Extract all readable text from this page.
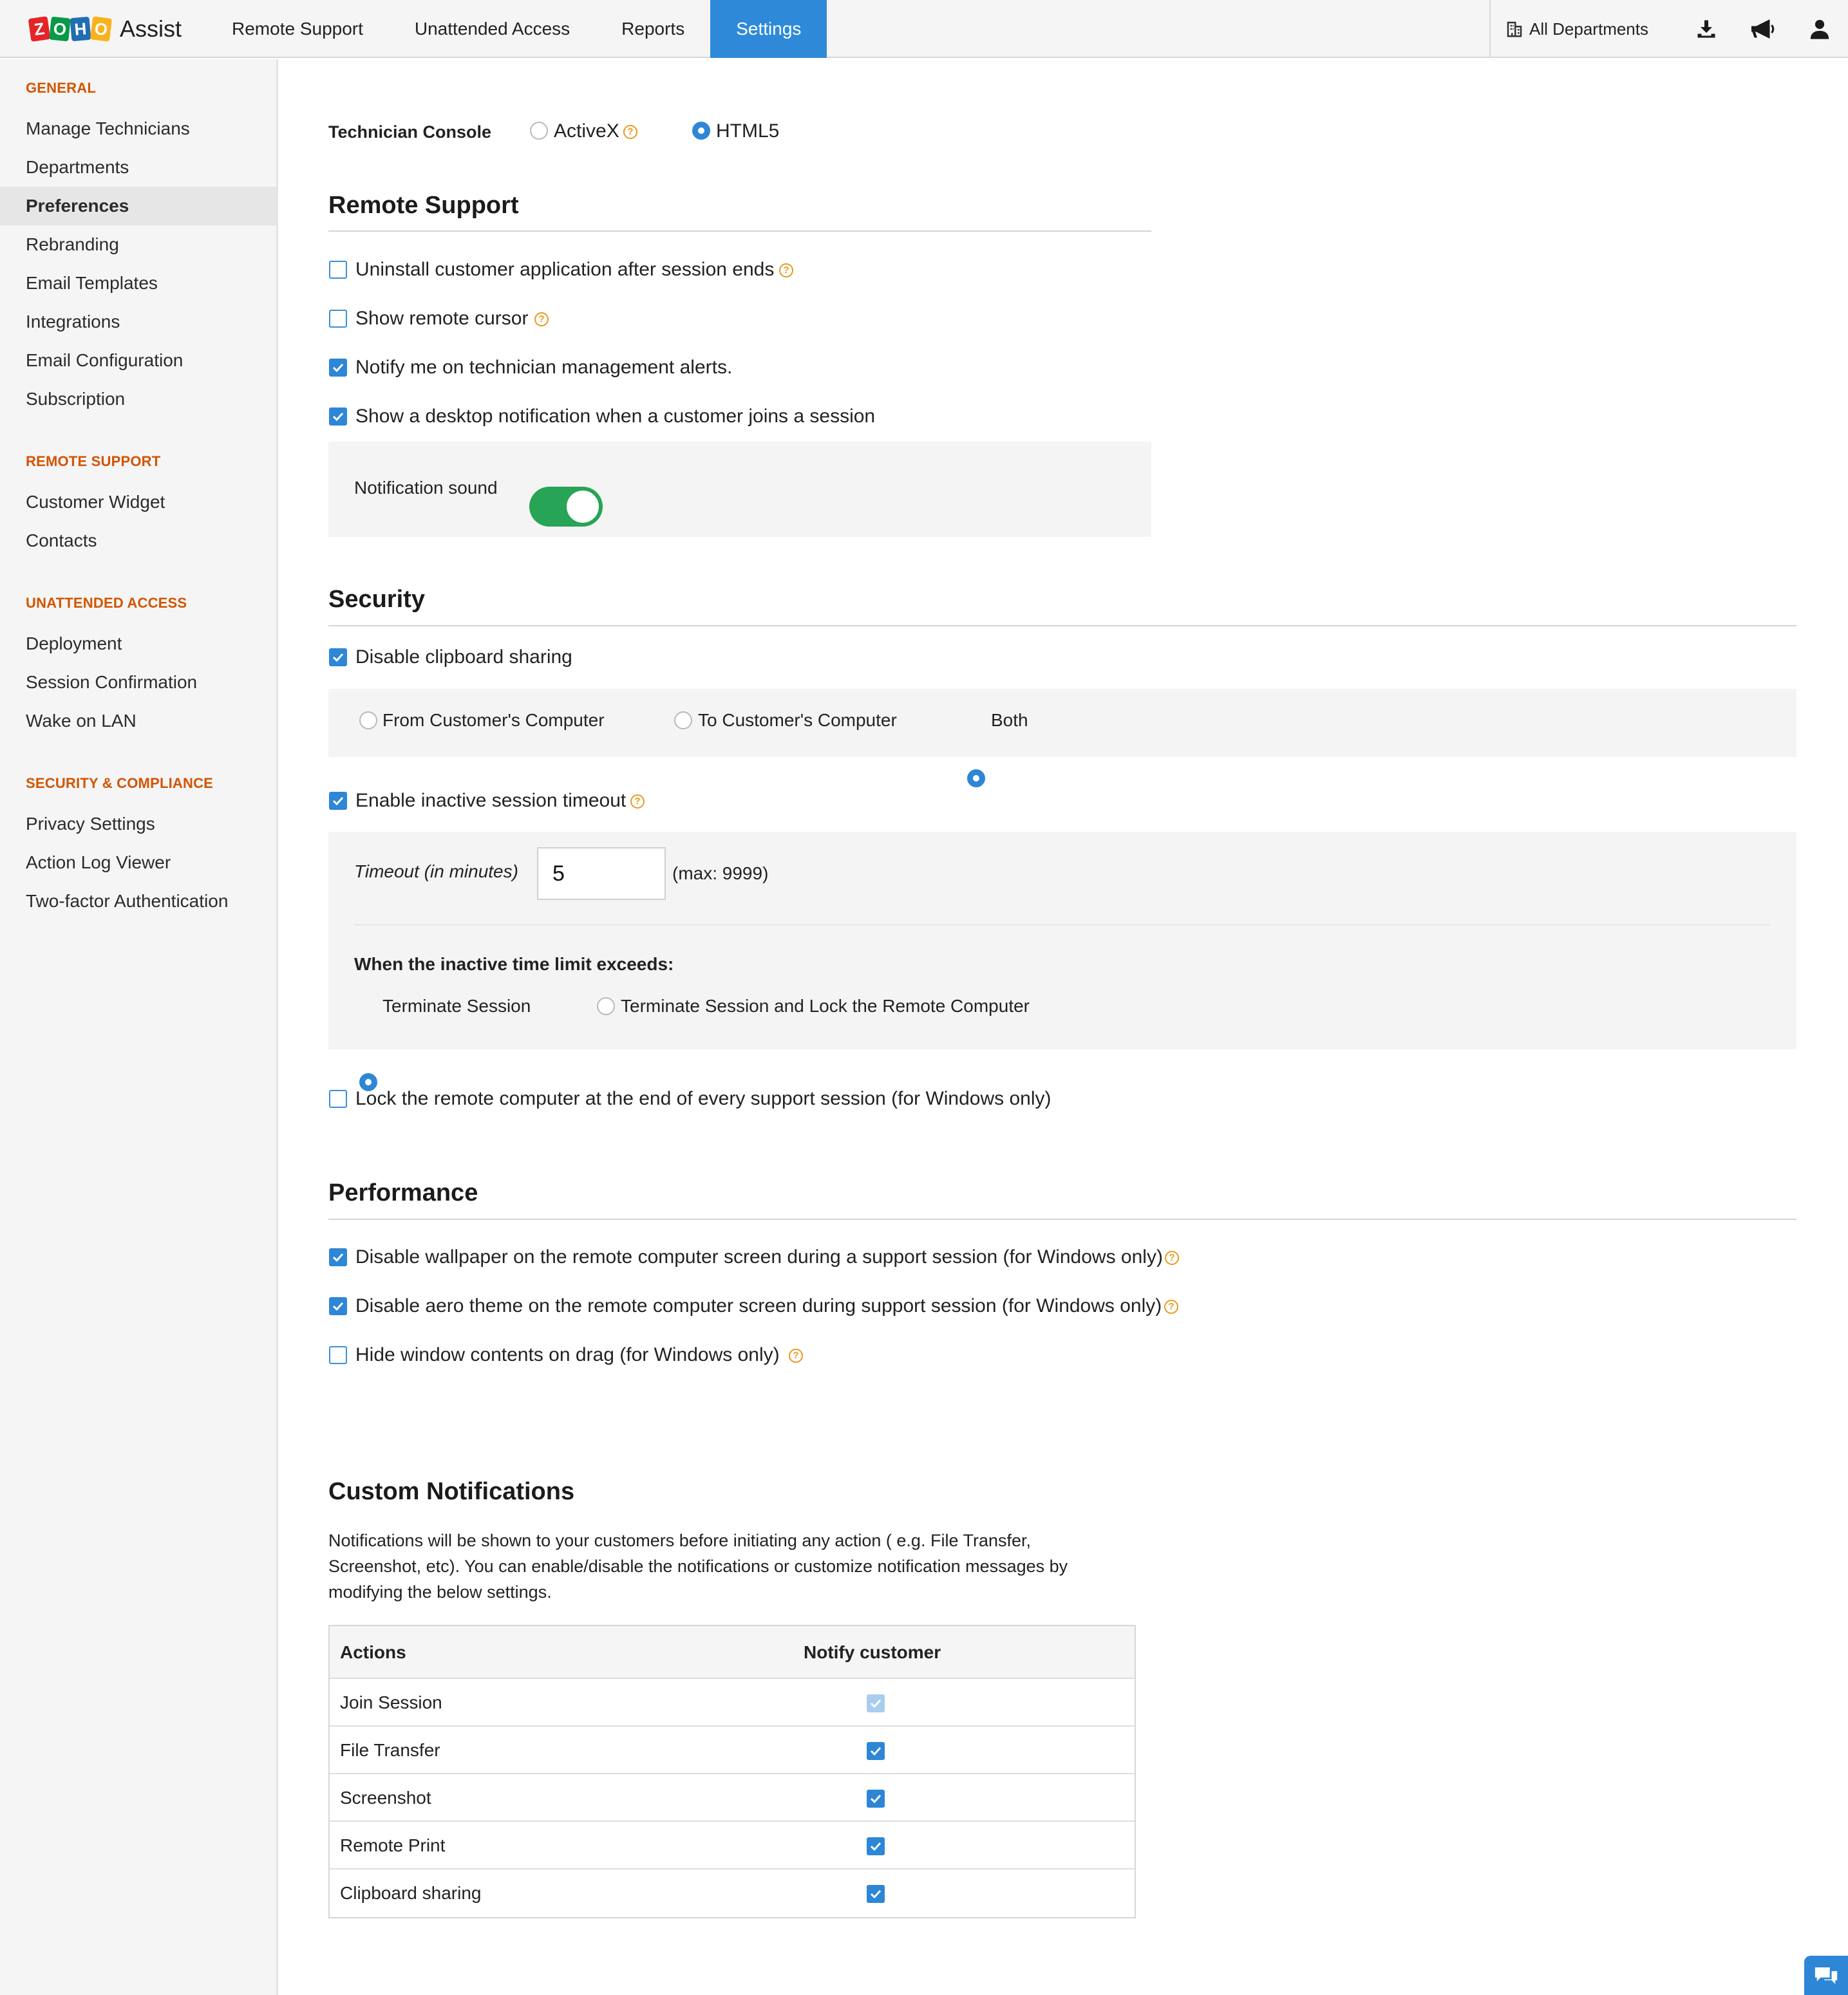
Z O H O Assist	Remote Support	Unattended Access	Reports	Settings	All Departments
GENERAL
Manage Technicians
Departments
Preferences
Rebranding
Email Templates
Integrations
Email Configuration
Subscription
REMOTE SUPPORT
Customer Widget
Contacts
UNATTENDED ACCESS
Deployment
Session Confirmation
Wake on LAN
SECURITY & COMPLIANCE
Privacy Settings
Action Log Viewer
Two-factor Authentication
Technician Console	ActiveX ?	HTML5
Remote Support
Uninstall customer application after session ends ?
Show remote cursor	?
Notify me on technician management alerts.
Show a desktop notification when a customer joins a session
Notification sound
Security
Disable clipboard sharing
From Customer's Computer	To Customer's Computer	Both
Enable inactive session timeout ?
Timeout (in minutes)	5	(max: 9999)
When the inactive time limit exceeds:
Terminate Session	Terminate Session and Lock the Remote Computer
Lock the remote computer at the end of every support session (for Windows only)
Performance
Disable wallpaper on the remote computer screen during a support session (for Windows only) ?
Disable aero theme on the remote computer screen during support session (for Windows only) ?
Hide window contents on drag (for Windows only)	?
Custom Notifications
Notifications will be shown to your customers before initiating any action ( e.g. File Transfer,
Screenshot, etc). You can enable/disable the notifications or customize notification messages by
modifying the below settings.
Actions	Notify customer
Join Session
File Transfer
Screenshot
Remote Print
Clipboard sharing
